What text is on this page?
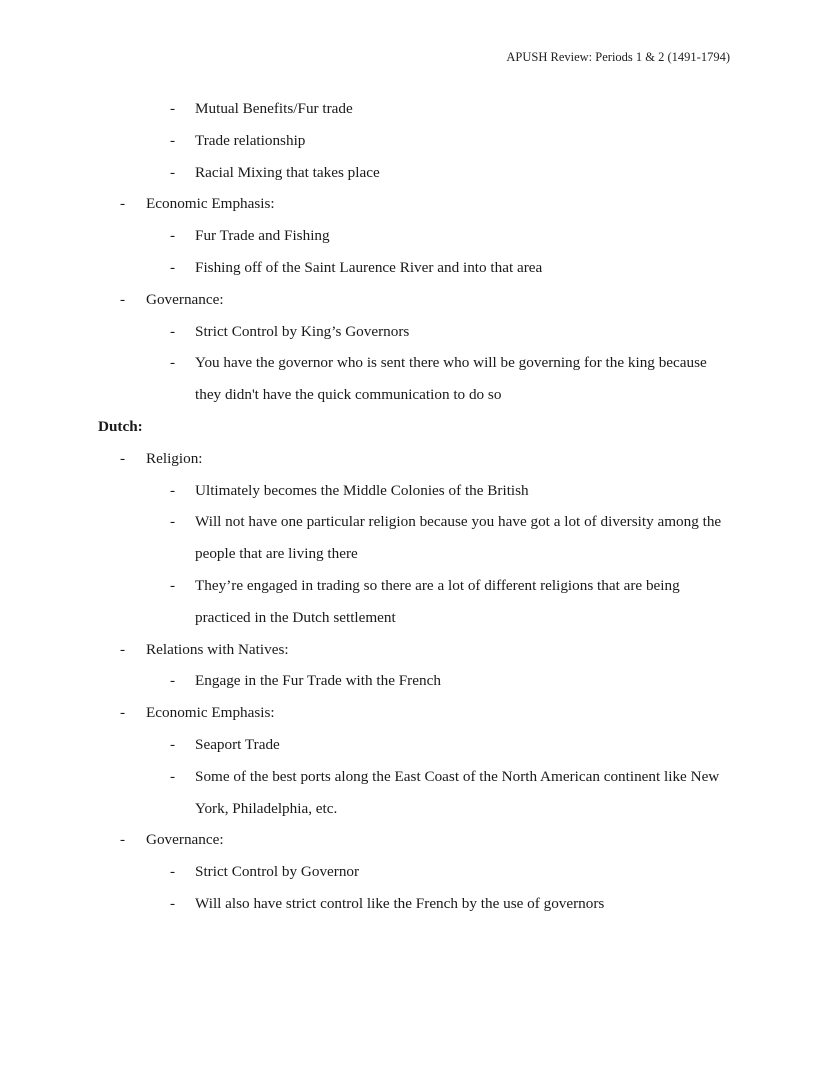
APUSH Review: Periods 1 & 2 (1491-1794)
- Mutual Benefits/Fur trade
- Trade relationship
- Racial Mixing that takes place
- Economic Emphasis:
- Fur Trade and Fishing
- Fishing off of the Saint Laurence River and into that area
- Governance:
- Strict Control by King’s Governors
- You have the governor who is sent there who will be governing for the king because
they didn't have the quick communication to do so
Dutch:
- Religion:
- Ultimately becomes the Middle Colonies of the British
- Will not have one particular religion because you have got a lot of diversity among the
people that are living there
- They’re engaged in trading so there are a lot of different religions that are being
practiced in the Dutch settlement
- Relations with Natives:
- Engage in the Fur Trade with the French
- Economic Emphasis:
- Seaport Trade
- Some of the best ports along the East Coast of the North American continent like New
York, Philadelphia, etc.
- Governance:
- Strict Control by Governor
- Will also have strict control like the French by the use of governors
